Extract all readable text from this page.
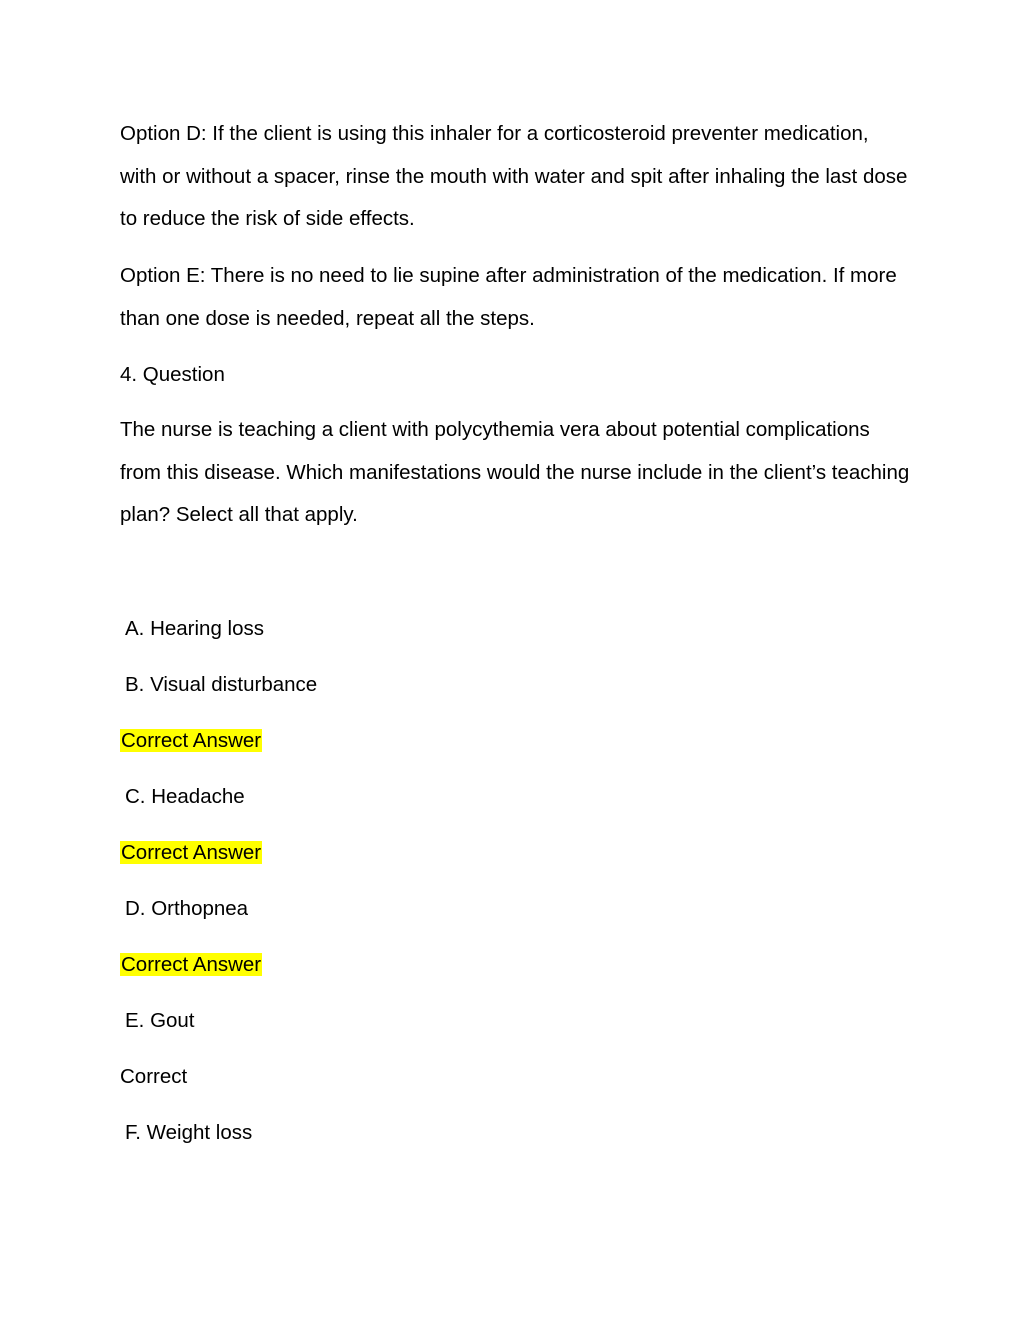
Option D: If the client is using this inhaler for a corticosteroid preventer medication, with or without a spacer, rinse the mouth with water and spit after inhaling the last dose to reduce the risk of side effects.

Option E: There is no need to lie supine after administration of the medication. If more than one dose is needed, repeat all the steps.

4. Question

The nurse is teaching a client with polycythemia vera about potential complications from this disease. Which manifestations would the nurse include in the client’s teaching plan? Select all that apply.

A. Hearing loss

B. Visual disturbance

Correct Answer

C. Headache

Correct Answer

D. Orthopnea

Correct Answer

E. Gout

Correct

F. Weight loss
